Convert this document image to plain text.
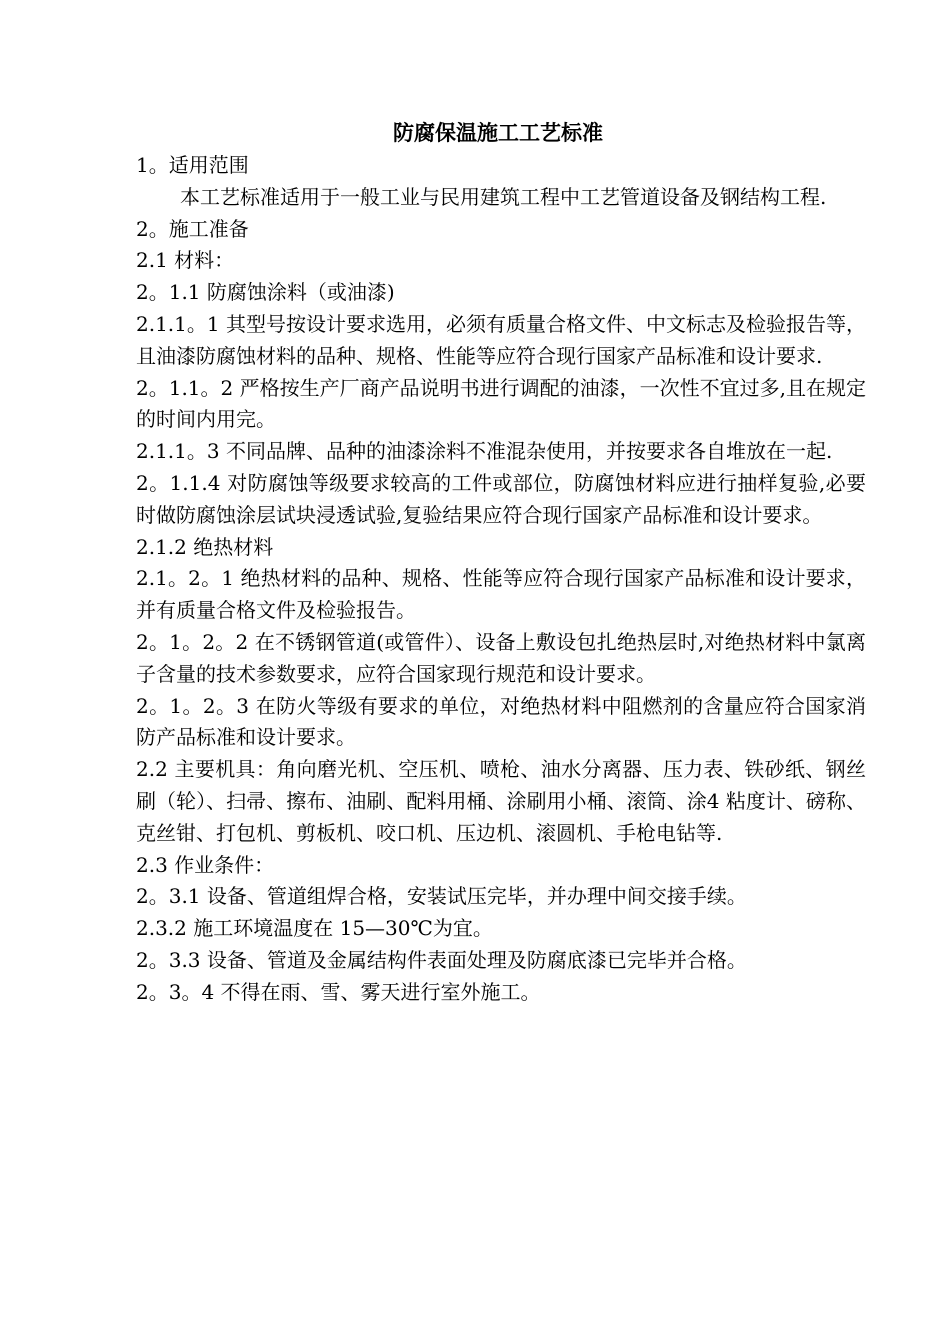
防腐保温施工工艺标准

1。适用范围

本工艺标准适用于一般工业与民用建筑工程中工艺管道设备及钢结构工程.

2。施工准备

2.1 材料：

2。1.1 防腐蚀涂料（或油漆)

2.1.1。1 其型号按设计要求选用，必须有质量合格文件、中文标志及检验报告等，且油漆防腐蚀材料的品种、规格、性能等应符合现行国家产品标准和设计要求.

2。1.1。2 严格按生产厂商产品说明书进行调配的油漆，一次性不宜过多,且在规定的时间内用完。

2.1.1。3 不同品牌、品种的油漆涂料不准混杂使用，并按要求各自堆放在一起.

2。1.1.4 对防腐蚀等级要求较高的工件或部位，防腐蚀材料应进行抽样复验,必要时做防腐蚀涂层试块浸透试验,复验结果应符合现行国家产品标准和设计要求。

2.1.2 绝热材料

2.1。2。1 绝热材料的品种、规格、性能等应符合现行国家产品标准和设计要求，并有质量合格文件及检验报告。

2。1。2。2 在不锈钢管道(或管件）、设备上敷设包扎绝热层时,对绝热材料中氯离子含量的技术参数要求，应符合国家现行规范和设计要求。

2。1。2。3 在防火等级有要求的单位，对绝热材料中阻燃剂的含量应符合国家消防产品标准和设计要求。

2.2 主要机具：角向磨光机、空压机、喷枪、油水分离器、压力表、铁砂纸、钢丝刷（轮）、扫帚、擦布、油刷、配料用桶、涂刷用小桶、滚筒、涂4 粘度计、磅称、克丝钳、打包机、剪板机、咬口机、压边机、滚圆机、手枪电钻等.

2.3 作业条件：

2。3.1 设备、管道组焊合格，安装试压完毕，并办理中间交接手续。

2.3.2 施工环境温度在 15—30℃为宜。

2。3.3 设备、管道及金属结构件表面处理及防腐底漆已完毕并合格。

2。3。4 不得在雨、雪、雾天进行室外施工。
